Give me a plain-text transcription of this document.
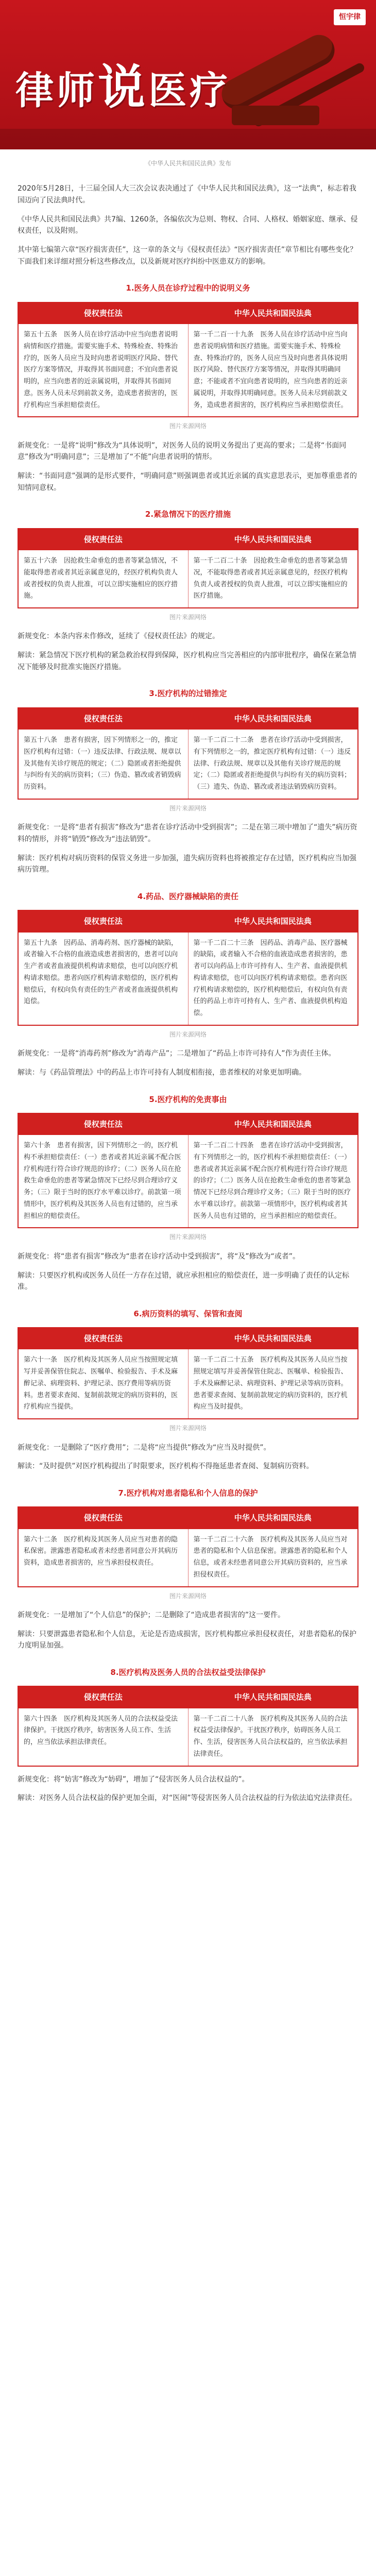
恒宇律
律师说医疗
《中华人民共和国民法典》发布

2020年5月28日，十三届全国人大三次会议表决通过了《中华人民共和国民法典》，这一“法典”，标志着我国迈向了民法典时代。

《中华人民共和国民法典》共7编、1260条，各编依次为总则、物权、合同、人格权、婚姻家庭、继承、侵权责任，以及附则。

其中第七编第六章“医疗损害责任”，这一章的条文与《侵权责任法》“医疗损害责任”章节相比有哪些变化？下面我们来详细对照分析这些修改点，以及新规对医疗纠纷中医患双方的影响。

1.医务人员在诊疗过程中的说明义务
侵权责任法	中华人民共和国民法典
第五十五条　医务人员在诊疗活动中应当向患者说明病情和医疗措施。需要实施手术、特殊检查、特殊治疗的，医务人员应当及时向患者说明医疗风险、替代医疗方案等情况，并取得其书面同意；不宜向患者说明的，应当向患者的近亲属说明，并取得其书面同意。医务人员未尽到前款义务，造成患者损害的，医疗机构应当承担赔偿责任。	第一千二百一十九条　医务人员在诊疗活动中应当向患者说明病情和医疗措施。需要实施手术、特殊检查、特殊治疗的，医务人员应当及时向患者具体说明医疗风险、替代医疗方案等情况，并取得其明确同意；不能或者不宜向患者说明的，应当向患者的近亲属说明，并取得其明确同意。医务人员未尽到前款义务，造成患者损害的，医疗机构应当承担赔偿责任。
图片来源网络

新规变化：一是将“说明”修改为“具体说明”，对医务人员的说明义务提出了更高的要求；二是将“书面同意”修改为“明确同意”；三是增加了“不能”向患者说明的情形。

解读：“书面同意”强调的是形式要件，“明确同意”则强调患者或其近亲属的真实意思表示，更加尊重患者的知情同意权。

2.紧急情况下的医疗措施
侵权责任法	中华人民共和国民法典
第五十六条　因抢救生命垂危的患者等紧急情况，不能取得患者或者其近亲属意见的，经医疗机构负责人或者授权的负责人批准，可以立即实施相应的医疗措施。	第一千二百二十条　因抢救生命垂危的患者等紧急情况，不能取得患者或者其近亲属意见的，经医疗机构负责人或者授权的负责人批准，可以立即实施相应的医疗措施。
图片来源网络

新规变化：本条内容未作修改，延续了《侵权责任法》的规定。

解读：紧急情况下医疗机构的紧急救治权得到保障，医疗机构应当完善相应的内部审批程序，确保在紧急情况下能够及时批准实施医疗措施。

3.医疗机构的过错推定
侵权责任法	中华人民共和国民法典
第五十八条　患者有损害，因下列情形之一的，推定医疗机构有过错：（一）违反法律、行政法规、规章以及其他有关诊疗规范的规定；（二）隐匿或者拒绝提供与纠纷有关的病历资料；（三）伪造、篡改或者销毁病历资料。	第一千二百二十二条　患者在诊疗活动中受到损害，有下列情形之一的，推定医疗机构有过错：（一）违反法律、行政法规、规章以及其他有关诊疗规范的规定；（二）隐匿或者拒绝提供与纠纷有关的病历资料；（三）遗失、伪造、篡改或者违法销毁病历资料。
图片来源网络

新规变化：一是将“患者有损害”修改为“患者在诊疗活动中受到损害”；二是在第三项中增加了“遗失”病历资料的情形，并将“销毁”修改为“违法销毁”。

解读：医疗机构对病历资料的保管义务进一步加强，遗失病历资料也将被推定存在过错，医疗机构应当加强病历管理。

4.药品、医疗器械缺陷的责任
侵权责任法	中华人民共和国民法典
第五十九条　因药品、消毒药剂、医疗器械的缺陷，或者输入不合格的血液造成患者损害的，患者可以向生产者或者血液提供机构请求赔偿，也可以向医疗机构请求赔偿。患者向医疗机构请求赔偿的，医疗机构赔偿后，有权向负有责任的生产者或者血液提供机构追偿。	第一千二百二十三条　因药品、消毒产品、医疗器械的缺陷，或者输入不合格的血液造成患者损害的，患者可以向药品上市许可持有人、生产者、血液提供机构请求赔偿，也可以向医疗机构请求赔偿。患者向医疗机构请求赔偿的，医疗机构赔偿后，有权向负有责任的药品上市许可持有人、生产者、血液提供机构追偿。
图片来源网络

新规变化：一是将“消毒药剂”修改为“消毒产品”；二是增加了“药品上市许可持有人”作为责任主体。

解读：与《药品管理法》中的药品上市许可持有人制度相衔接，患者维权的对象更加明确。

5.医疗机构的免责事由
侵权责任法	中华人民共和国民法典
第六十条　患者有损害，因下列情形之一的，医疗机构不承担赔偿责任：（一）患者或者其近亲属不配合医疗机构进行符合诊疗规范的诊疗；（二）医务人员在抢救生命垂危的患者等紧急情况下已经尽到合理诊疗义务；（三）限于当时的医疗水平难以诊疗。前款第一项情形中，医疗机构及其医务人员也有过错的，应当承担相应的赔偿责任。	第一千二百二十四条　患者在诊疗活动中受到损害，有下列情形之一的，医疗机构不承担赔偿责任：（一）患者或者其近亲属不配合医疗机构进行符合诊疗规范的诊疗；（二）医务人员在抢救生命垂危的患者等紧急情况下已经尽到合理诊疗义务；（三）限于当时的医疗水平难以诊疗。前款第一项情形中，医疗机构或者其医务人员也有过错的，应当承担相应的赔偿责任。
图片来源网络

新规变化：将“患者有损害”修改为“患者在诊疗活动中受到损害”，将“及”修改为“或者”。

解读：只要医疗机构或医务人员任一方存在过错，就应承担相应的赔偿责任，进一步明确了责任的认定标准。

6.病历资料的填写、保管和查阅
侵权责任法	中华人民共和国民法典
第六十一条　医疗机构及其医务人员应当按照规定填写并妥善保管住院志、医嘱单、检验报告、手术及麻醉记录、病理资料、护理记录、医疗费用等病历资料。患者要求查阅、复制前款规定的病历资料的，医疗机构应当提供。	第一千二百二十五条　医疗机构及其医务人员应当按照规定填写并妥善保管住院志、医嘱单、检验报告、手术及麻醉记录、病理资料、护理记录等病历资料。患者要求查阅、复制前款规定的病历资料的，医疗机构应当及时提供。
图片来源网络

新规变化：一是删除了“医疗费用”；二是将“应当提供”修改为“应当及时提供”。

解读：“及时提供”对医疗机构提出了时限要求，医疗机构不得拖延患者查阅、复制病历资料。

7.医疗机构对患者隐私和个人信息的保护
侵权责任法	中华人民共和国民法典
第六十二条　医疗机构及其医务人员应当对患者的隐私保密。泄露患者隐私或者未经患者同意公开其病历资料，造成患者损害的，应当承担侵权责任。	第一千二百二十六条　医疗机构及其医务人员应当对患者的隐私和个人信息保密。泄露患者的隐私和个人信息，或者未经患者同意公开其病历资料的，应当承担侵权责任。
图片来源网络

新规变化：一是增加了“个人信息”的保护；二是删除了“造成患者损害的”这一要件。

解读：只要泄露患者隐私和个人信息，无论是否造成损害，医疗机构都应承担侵权责任，对患者隐私的保护力度明显加强。

8.医疗机构及医务人员的合法权益受法律保护
侵权责任法	中华人民共和国民法典
第六十四条　医疗机构及其医务人员的合法权益受法律保护。干扰医疗秩序，妨害医务人员工作、生活的，应当依法承担法律责任。	第一千二百二十八条　医疗机构及其医务人员的合法权益受法律保护。干扰医疗秩序，妨碍医务人员工作、生活，侵害医务人员合法权益的，应当依法承担法律责任。

新规变化：将“妨害”修改为“妨碍”，增加了“侵害医务人员合法权益的”。

解读：对医务人员合法权益的保护更加全面，对“医闹”等侵害医务人员合法权益的行为依法追究法律责任。
